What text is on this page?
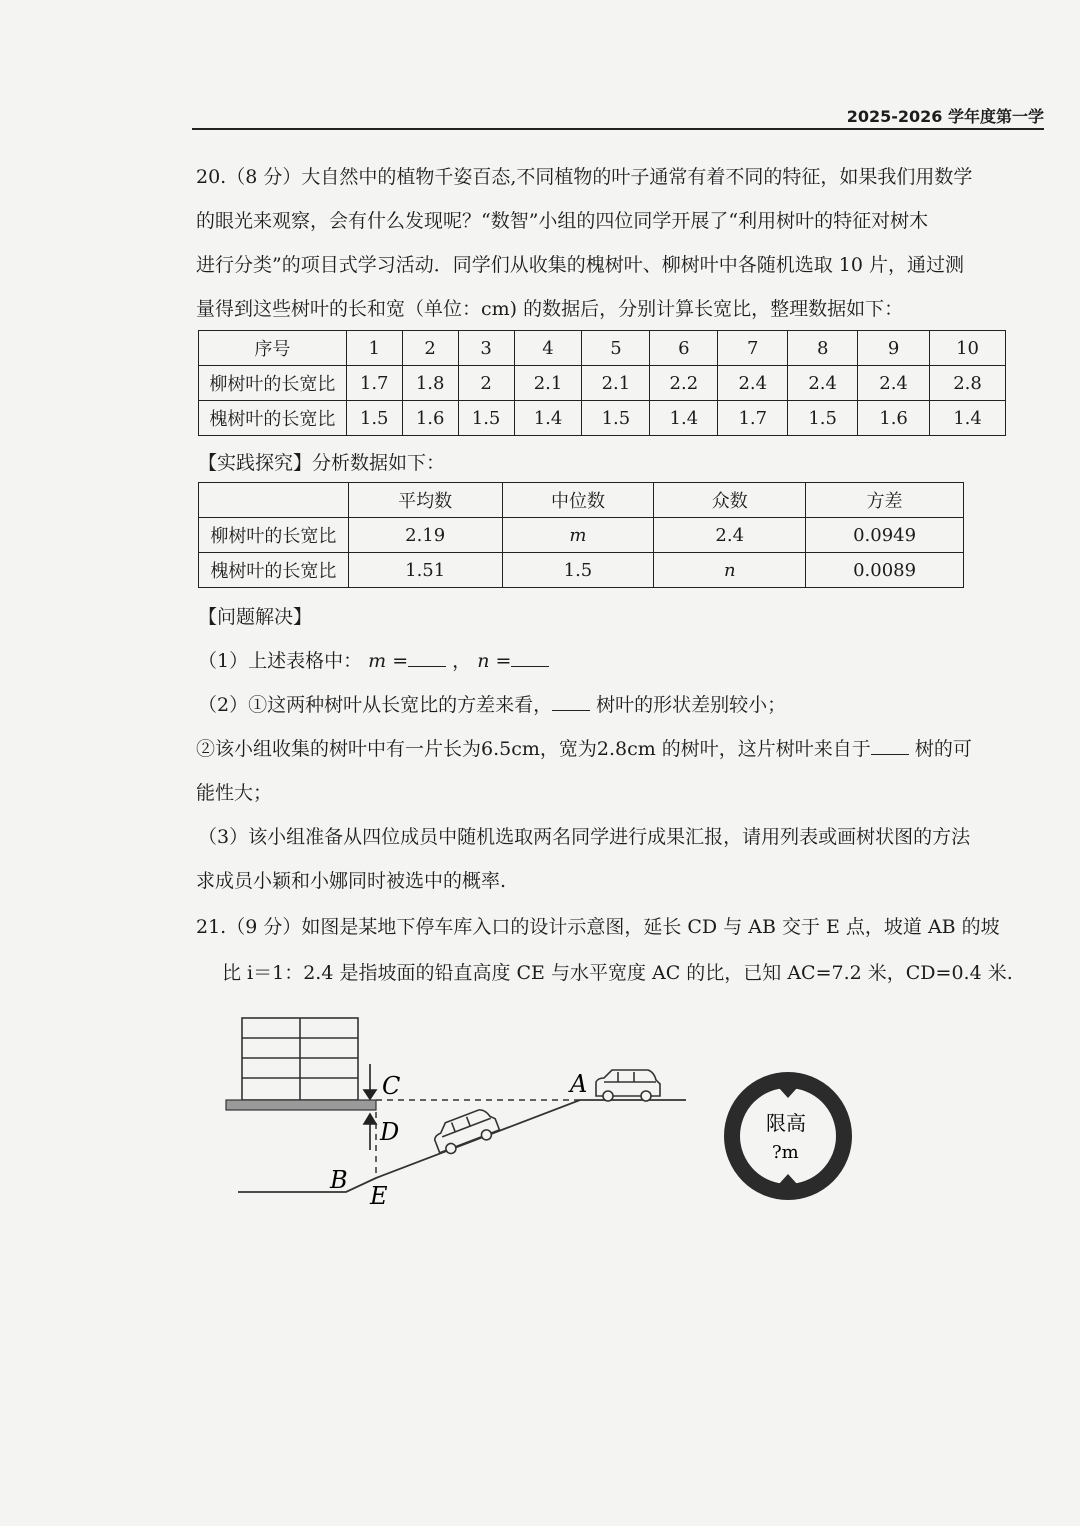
2025-2026 学年度第一学
20.（8 分）大自然中的植物千姿百态,不同植物的叶子通常有着不同的特征，如果我们用数学
的眼光来观察，会有什么发现呢？“数智”小组的四位同学开展了“利用树叶的特征对树木
进行分类”的项目式学习活动．同学们从收集的槐树叶、柳树叶中各随机选取 10 片，通过测
量得到这些树叶的长和宽（单位：cm) 的数据后，分别计算长宽比，整理数据如下：
序号	1	2	3	4	5	6	7	8	9	10
柳树叶的长宽比	1.7	1.8	2	2.1	2.1	2.2	2.4	2.4	2.4	2.8
槐树叶的长宽比	1.5	1.6	1.5	1.4	1.5	1.4	1.7	1.5	1.6	1.4
【实践探究】分析数据如下：
	平均数	中位数	众数	方差
柳树叶的长宽比	2.19	m	2.4	0.0949
槐树叶的长宽比	1.51	1.5	n	0.0089
【问题解决】
（1）上述表格中： m = ， n =
（2）①这两种树叶从长宽比的方差来看， 树叶的形状差别较小；
②该小组收集的树叶中有一片长为6.5cm，宽为2.8cm 的树叶，这片树叶来自于 树的可
能性大；
（3）该小组准备从四位成员中随机选取两名同学进行成果汇报，请用列表或画树状图的方法
求成员小颖和小娜同时被选中的概率.
21.（9 分）如图是某地下停车库入口的设计示意图，延长 CD 与 AB 交于 E 点，坡道 AB 的坡
比 i＝1：2.4 是指坡面的铅直高度 CE 与水平宽度 AC 的比，已知 AC=7.2 米，CD=0.4 米.
C
D
A
B
E
限高
?m
